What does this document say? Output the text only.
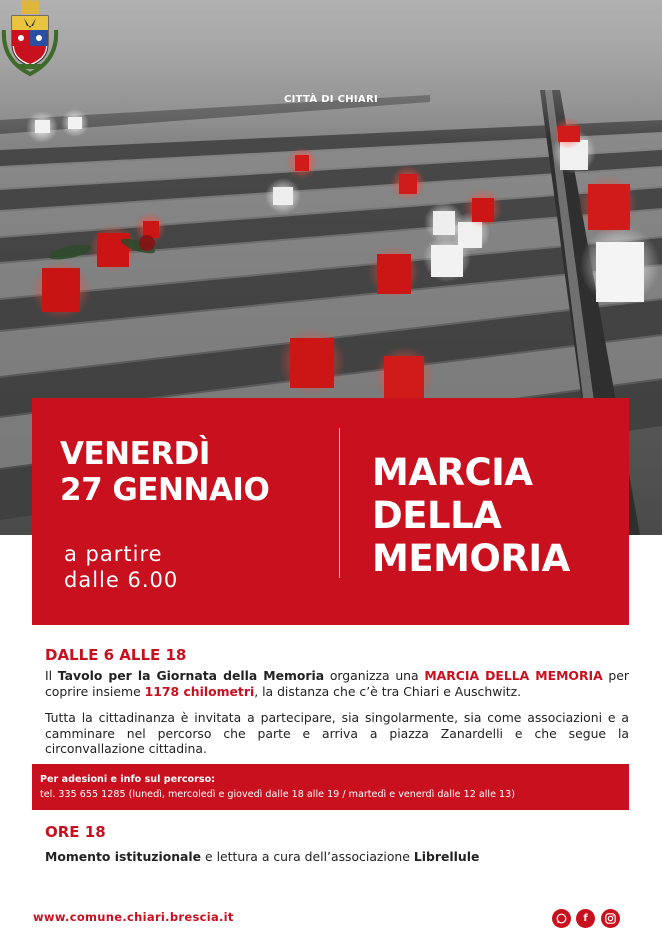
CITTÀ DI CHIARI
VENERDÌ
27 GENNAIO
a partire
dalle 6.00
MARCIA
DELLA
MEMORIA
DALLE 6 ALLE 18
Il Tavolo per la Giornata della Memoria organizza una MARCIA DELLA MEMORIA per coprire insieme 1178 chilometri, la distanza che c’è tra Chiari e Auschwitz.
Tutta la cittadinanza è invitata a partecipare, sia singolarmente, sia come associazioni e a camminare nel percorso che parte e arriva a piazza Zanardelli e che segue la circonvallazione cittadina.
Per adesioni e info sul percorso:
tel. 335 655 1285 (lunedì, mercoledì e giovedì dalle 18 alle 19 / martedì e venerdì dalle 12 alle 13)
ORE 18
Momento istituzionale e lettura a cura dell’associazione Librellule
www.comune.chiari.brescia.it	f
